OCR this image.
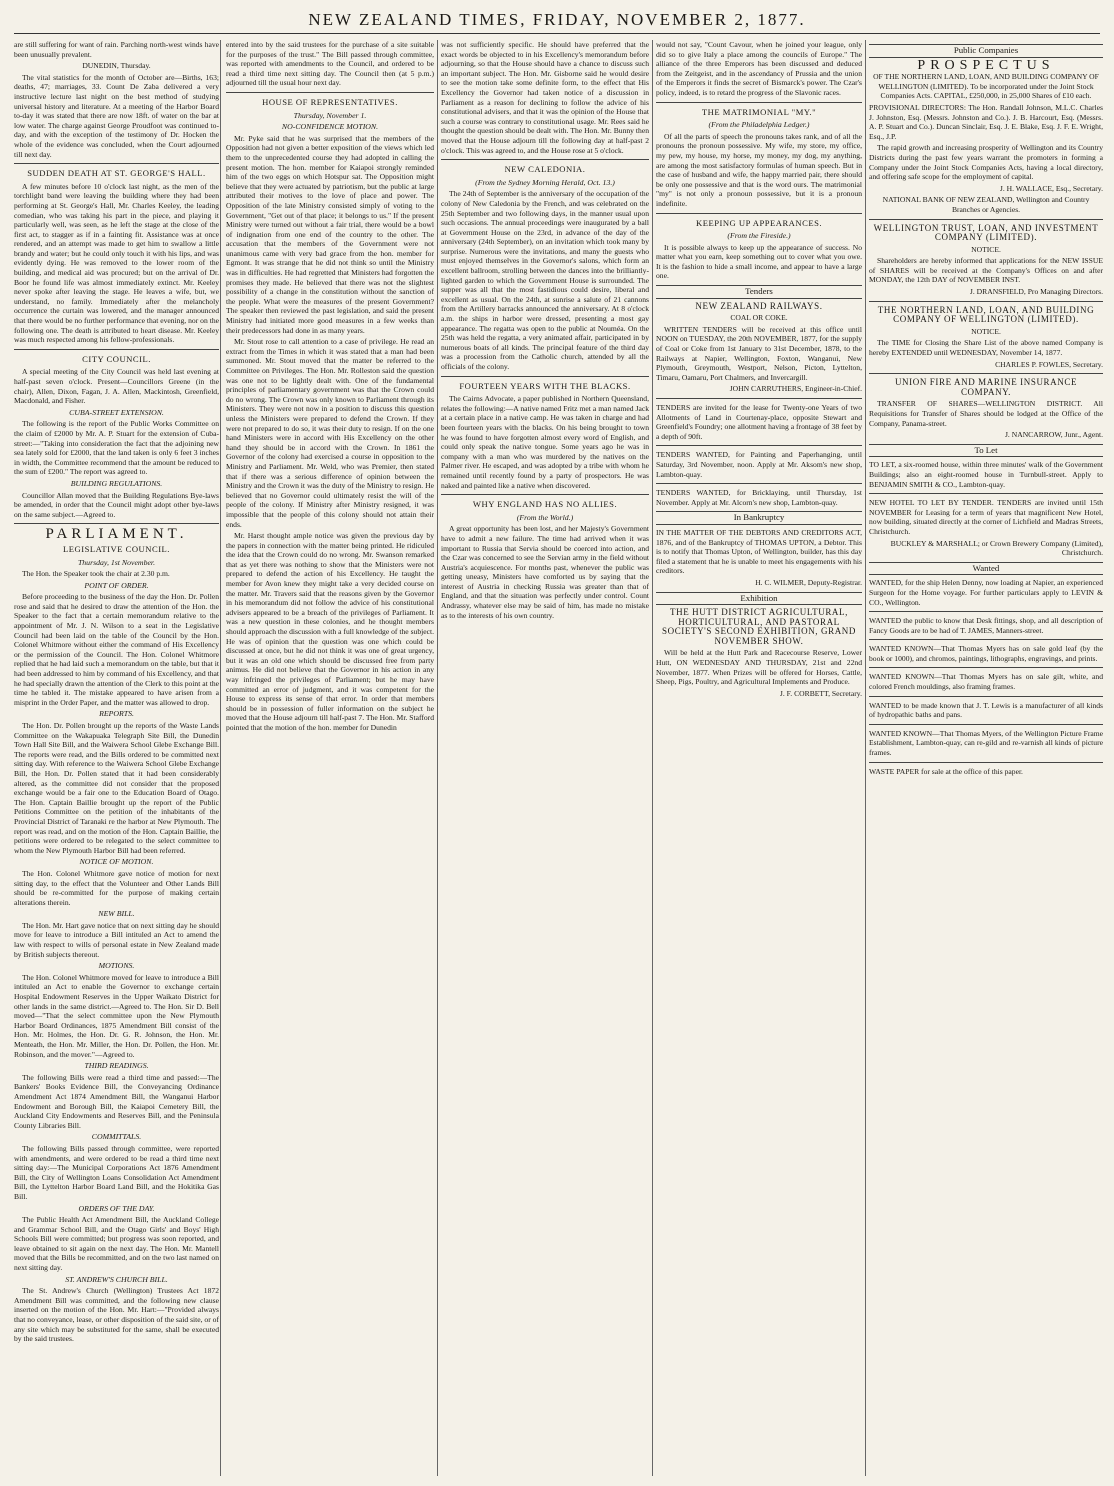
NEW ZEALAND TIMES, FRIDAY, NOVEMBER 2, 1877.

are still suffering for want of rain. Parching north-west winds have been unusually prevalent.

DUNEDIN, Thursday.

The vital statistics for the month of October are—Births, 163; deaths, 47; marriages, 33. Count De Zaba delivered a very instructive lecture last night on the best method of studying universal history and literature. At a meeting of the Harbor Board to-day it was stated that there are now 18ft. of water on the bar at low water. The charge against George Proudfoot was continued to-day, and with the exception of the testimony of Dr. Hocken the whole of the evidence was concluded, when the Court adjourned till next day.

SUDDEN DEATH AT ST. GEORGE'S HALL.

A few minutes before 10 o'clock last night, as the men of the torchlight band were leaving the building where they had been performing at St. George's Hall, Mr. Charles Keeley, the leading comedian, who was taking his part in the piece, and playing it particularly well, was seen, as he left the stage at the close of the first act, to stagger as if in a fainting fit. Assistance was at once rendered, and an attempt was made to get him to swallow a little brandy and water; but he could only touch it with his lips, and was evidently dying. He was removed to the lower room of the building, and medical aid was procured; but on the arrival of Dr. Boor he found life was almost immediately extinct. Mr. Keeley never spoke after leaving the stage. He leaves a wife, but, we understand, no family. Immediately after the melancholy occurrence the curtain was lowered, and the manager announced that there would be no further performance that evening, nor on the following one. The death is attributed to heart disease. Mr. Keeley was much respected among his fellow-professionals.

CITY COUNCIL.

A special meeting of the City Council was held last evening at half-past seven o'clock. Present—Councillors Greene (in the chair), Allen, Dixon, Fagan, J. A. Allen, Mackintosh, Greenfield, Macdonald, and Fisher.

CUBA-STREET EXTENSION.

The following is the report of the Public Works Committee on the claim of £2000 by Mr. A. P. Stuart for the extension of Cuba-street:—"Taking into consideration the fact that the adjoining new sea lately sold for £2000, that the land taken is only 6 feet 3 inches in width, the Committee recommend that the amount be reduced to the sum of £200." The report was agreed to.

BUILDING REGULATIONS.

Councillor Allan moved that the Building Regulations Bye-laws be amended, in order that the Council might adopt other bye-laws on the same subject.—Agreed to.

PARLIAMENT.
LEGISLATIVE COUNCIL.
Thursday, 1st November.

The Hon. the Speaker took the chair at 2.30 p.m.

POINT OF ORDER.

Before proceeding to the business of the day the Hon. Dr. Pollen rose and said that he desired to draw the attention of the Hon. the Speaker to the fact that a certain memorandum relative to the appointment of Mr. J. N. Wilson to a seat in the Legislative Council had been laid on the table of the Council by the Hon. Colonel Whitmore without either the command of His Excellency or the permission of the Council. The Hon. Colonel Whitmore replied that he had laid such a memorandum on the table, but that it had been addressed to him by command of his Excellency, and that he had specially drawn the attention of the Clerk to this point at the time he tabled it. The mistake appeared to have arisen from a misprint in the Order Paper, and the matter was allowed to drop.

REPORTS.

The Hon. Dr. Pollen brought up the reports of the Waste Lands Committee on the Wakapuaka Telegraph Site Bill, the Dunedin Town Hall Site Bill, and the Waiwera School Glebe Exchange Bill. The reports were read, and the Bills ordered to be committed next sitting day. With reference to the Waiwera School Glebe Exchange Bill, the Hon. Dr. Pollen stated that it had been considerably altered, as the committee did not consider that the proposed exchange would be a fair one to the Education Board of Otago. The Hon. Captain Baillie brought up the report of the Public Petitions Committee on the petition of the inhabitants of the Provincial District of Taranaki re the harbor at New Plymouth. The report was read, and on the motion of the Hon. Captain Baillie, the petitions were ordered to be relegated to the select committee to whom the New Plymouth Harbor Bill had been referred.

NOTICE OF MOTION.

The Hon. Colonel Whitmore gave notice of motion for next sitting day, to the effect that the Volunteer and Other Lands Bill should be re-committed for the purpose of making certain alterations therein.

NEW BILL.

The Hon. Mr. Hart gave notice that on next sitting day he should move for leave to introduce a Bill intituled an Act to amend the law with respect to wills of personal estate in New Zealand made by British subjects thereout.

MOTIONS.

The Hon. Colonel Whitmore moved for leave to introduce a Bill intituled an Act to enable the Governor to exchange certain Hospital Endowment Reserves in the Upper Waikato District for other lands in the same district.—Agreed to. The Hon. Sir D. Bell moved—"That the select committee upon the New Plymouth Harbor Board Ordinances, 1875 Amendment Bill consist of the Hon. Mr. Holmes, the Hon. Dr. G. R. Johnson, the Hon. Mr. Menteath, the Hon. Mr. Miller, the Hon. Dr. Pollen, the Hon. Mr. Robinson, and the mover."—Agreed to.

THIRD READINGS.

The following Bills were read a third time and passed:—The Bankers' Books Evidence Bill, the Conveyancing Ordinance Amendment Act 1874 Amendment Bill, the Wanganui Harbor Endowment and Borough Bill, the Kaiapoi Cemetery Bill, the Auckland City Endowments and Reserves Bill, and the Peninsula County Libraries Bill.

COMMITTALS.

The following Bills passed through committee, were reported with amendments, and were ordered to be read a third time next sitting day:—The Municipal Corporations Act 1876 Amendment Bill, the City of Wellington Loans Consolidation Act Amendment Bill, the Lyttelton Harbor Board Land Bill, and the Hokitika Gas Bill.

ORDERS OF THE DAY.

The Public Health Act Amendment Bill, the Auckland College and Grammar School Bill, and the Otago Girls' and Boys' High Schools Bill were committed; but progress was soon reported, and leave obtained to sit again on the next day. The Hon. Mr. Mantell moved that the Bills be recommitted, and on the two last named on next sitting day.

ST. ANDREW'S CHURCH BILL.

The St. Andrew's Church (Wellington) Trustees Act 1872 Amendment Bill was committed, and the following new clause inserted on the motion of the Hon. Mr. Hart:—"Provided always that no conveyance, lease, or other disposition of the said site, or of any site which may be substituted for the same, shall be executed by the said trustees.

entered into by the said trustees for the purchase of a site suitable for the purposes of the trust." The Bill passed through committee, was reported with amendments to the Council, and ordered to be read a third time next sitting day. The Council then (at 5 p.m.) adjourned till the usual hour next day.

HOUSE OF REPRESENTATIVES.
Thursday, November 1.
NO-CONFIDENCE MOTION.

Mr. Pyke said that he was surprised that the members of the Opposition had not given a better exposition of the views which led them to the unprecedented course they had adopted in calling the present motion. The hon. member for Kaiapoi strongly reminded him of the two eggs on which Hotspur sat. The Opposition might believe that they were actuated by patriotism, but the public at large attributed their motives to the love of place and power. The Opposition of the late Ministry consisted simply of voting to the Government, "Get out of that place; it belongs to us." If the present Ministry were turned out without a fair trial, there would be a bowl of indignation from one end of the country to the other. The accusation that the members of the Government were not unanimous came with very bad grace from the hon. member for Egmont. It was strange that he did not think so until the Ministry was in difficulties. He had regretted that Ministers had forgotten the promises they made. He believed that there was not the slightest possibility of a change in the constitution without the sanction of the people. What were the measures of the present Government? The speaker then reviewed the past legislation, and said the present Ministry had initiated more good measures in a few weeks than their predecessors had done in as many years.

Mr. Stout rose to call attention to a case of privilege. He read an extract from the Times in which it was stated that a man had been summoned. Mr. Stout moved that the matter be referred to the Committee on Privileges. The Hon. Mr. Rolleston said the question was one not to be lightly dealt with. One of the fundamental principles of parliamentary government was that the Crown could do no wrong. The Crown was only known to Parliament through its Ministers. They were not now in a position to discuss this question unless the Ministers were prepared to defend the Crown. If they were not prepared to do so, it was their duty to resign. If on the one hand Ministers were in accord with His Excellency on the other hand they should be in accord with the Crown. In 1861 the Governor of the colony had exercised a course in opposition to the Ministry and Parliament. Mr. Weld, who was Premier, then stated that if there was a serious difference of opinion between the Ministry and the Crown it was the duty of the Ministry to resign. He believed that no Governor could ultimately resist the will of the people of the colony. If Ministry after Ministry resigned, it was impossible that the people of this colony should not attain their ends.

Mr. Harst thought ample notice was given the previous day by the papers in connection with the matter being printed. He ridiculed the idea that the Crown could do no wrong. Mr. Swanson remarked that as yet there was nothing to show that the Ministers were not prepared to defend the action of his Excellency. He taught the member for Avon knew they might take a very decided course on the matter. Mr. Travers said that the reasons given by the Governor in his memorandum did not follow the advice of his constitutional advisers appeared to be a breach of the privileges of Parliament. It was a new question in these colonies, and he thought members should approach the discussion with a full knowledge of the subject. He was of opinion that the question was one which could be discussed at once, but he did not think it was one of great urgency, but it was an old one which should be discussed free from party animus. He did not believe that the Governor in his action in any way infringed the privileges of Parliament; but he may have committed an error of judgment, and it was competent for the House to express its sense of that error. In order that members should be in possession of fuller information on the subject he moved that the House adjourn till half-past 7. The Hon. Mr. Stafford pointed that the motion of the hon. member for Dunedin

was not sufficiently specific. He should have preferred that the exact words be objected to in his Excellency's memorandum before adjourning, so that the House should have a chance to discuss such an important subject. The Hon. Mr. Gisborne said he would desire to see the motion take some definite form, to the effect that His Excellency the Governor had taken notice of a discussion in Parliament as a reason for declining to follow the advice of his constitutional advisers, and that it was the opinion of the House that such a course was contrary to constitutional usage. Mr. Rees said he thought the question should be dealt with. The Hon. Mr. Bunny then moved that the House adjourn till the following day at half-past 2 o'clock. This was agreed to, and the House rose at 5 o'clock.

NEW CALEDONIA.
(From the Sydney Morning Herald, Oct. 13.)

The 24th of September is the anniversary of the occupation of the colony of New Caledonia by the French, and was celebrated on the 25th September and two following days, in the manner usual upon such occasions. The annual proceedings were inaugurated by a ball at Government House on the 23rd, in advance of the day of the anniversary (24th September), on an invitation which took many by surprise. Numerous were the invitations, and many the guests who must enjoyed themselves in the Governor's salons, which form an excellent ballroom, strolling between the dances into the brilliantly-lighted garden to which the Government House is surrounded. The supper was all that the most fastidious could desire, liberal and excellent as usual. On the 24th, at sunrise a salute of 21 cannons from the Artillery barracks announced the anniversary. At 8 o'clock a.m. the ships in harbor were dressed, presenting a most gay appearance. The regatta was open to the public at Nouméa. On the 25th was held the regatta, a very animated affair, participated in by numerous boats of all kinds. The principal feature of the third day was a procession from the Catholic church, attended by all the officials of the colony.

FOURTEEN YEARS WITH THE BLACKS.

The Cairns Advocate, a paper published in Northern Queensland, relates the following:—A native named Fritz met a man named Jack at a certain place in a native camp. He was taken in charge and had been fourteen years with the blacks. On his being brought to town he was found to have forgotten almost every word of English, and could only speak the native tongue. Some years ago he was in company with a man who was murdered by the natives on the Palmer river. He escaped, and was adopted by a tribe with whom he remained until recently found by a party of prospectors. He was naked and painted like a native when discovered.

WHY ENGLAND HAS NO ALLIES.
(From the World.)

A great opportunity has been lost, and her Majesty's Government have to admit a new failure. The time had arrived when it was important to Russia that Servia should be coerced into action, and the Czar was concerned to see the Servian army in the field without Austria's acquiescence. For months past, whenever the public was getting uneasy, Ministers have comforted us by saying that the interest of Austria in checking Russia was greater than that of England, and that the situation was perfectly under control. Count Andrassy, whatever else may be said of him, has made no mistake as to the interests of his own country.

would not say, "Count Cavour, when he joined your league, only did so to give Italy a place among the councils of Europe." The alliance of the three Emperors has been discussed and deduced from the Zeitgeist, and in the ascendancy of Prussia and the union of the Emperors it finds the secret of Bismarck's power. The Czar's policy, indeed, is to retard the progress of the Slavonic races.

THE MATRIMONIAL "MY."
(From the Philadelphia Ledger.)

Of all the parts of speech the pronouns takes rank, and of all the pronouns the pronoun possessive. My wife, my store, my office, my pew, my house, my horse, my money, my dog, my anything, are among the most satisfactory formulas of human speech. But in the case of husband and wife, the happy married pair, there should be only one possessive and that is the word ours. The matrimonial "my" is not only a pronoun possessive, but it is a pronoun indefinite.

KEEPING UP APPEARANCES.
(From the Fireside.)

It is possible always to keep up the appearance of success. No matter what you earn, keep something out to cover what you owe. It is the fashion to hide a small income, and appear to have a large one.

Tenders

NEW ZEALAND RAILWAYS.

COAL OR COKE.

WRITTEN TENDERS will be received at this office until NOON on TUESDAY, the 20th NOVEMBER, 1877, for the supply of Coal or Coke from 1st January to 31st December, 1878, to the Railways at Napier, Wellington, Foxton, Wanganui, New Plymouth, Greymouth, Westport, Nelson, Picton, Lyttelton, Timaru, Oamaru, Port Chalmers, and Invercargill.

JOHN CARRUTHERS, Engineer-in-Chief.

TENDERS are invited for the lease for Twenty-one Years of two Allotments of Land in Courtenay-place, opposite Stewart and Greenfield's Foundry; one allotment having a frontage of 38 feet by a depth of 90ft.

TENDERS WANTED, for Painting and Paperhanging, until Saturday, 3rd November, noon. Apply at Mr. Aksom's new shop, Lambton-quay.

TENDERS WANTED, for Bricklaying, until Thursday, 1st November. Apply at Mr. Alcorn's new shop, Lambton-quay.

In Bankruptcy

IN THE MATTER OF THE DEBTORS AND CREDITORS ACT, 1876, and of the Bankruptcy of THOMAS UPTON, a Debtor. This is to notify that Thomas Upton, of Wellington, builder, has this day filed a statement that he is unable to meet his engagements with his creditors.

H. C. WILMER, Deputy-Registrar.

Exhibition

THE HUTT DISTRICT AGRICULTURAL, HORTICULTURAL, AND PASTORAL SOCIETY'S SECOND EXHIBITION, GRAND NOVEMBER SHOW.

Will be held at the Hutt Park and Racecourse Reserve, Lower Hutt, ON WEDNESDAY AND THURSDAY, 21st and 22nd November, 1877. When Prizes will be offered for Horses, Cattle, Sheep, Pigs, Poultry, and Agricultural Implements and Produce.

J. F. CORBETT, Secretary.

Public Companies
PROSPECTUS

OF THE NORTHERN LAND, LOAN, AND BUILDING COMPANY OF WELLINGTON (LIMITED). To be incorporated under the Joint Stock Companies Acts. CAPITAL, £250,000, in 25,000 Shares of £10 each.

PROVISIONAL DIRECTORS: The Hon. Randall Johnson, M.L.C. Charles J. Johnston, Esq. (Messrs. Johnston and Co.). J. B. Harcourt, Esq. (Messrs. A. P. Stuart and Co.). Duncan Sinclair, Esq. J. E. Blake, Esq. J. F. E. Wright, Esq., J.P.

The rapid growth and increasing prosperity of Wellington and its Country Districts during the past few years warrant the promoters in forming a Company under the Joint Stock Companies Acts, having a local directory, and offering safe scope for the employment of capital.

J. H. WALLACE, Esq., Secretary.

NATIONAL BANK OF NEW ZEALAND, Wellington and Country Branches or Agencies.

WELLINGTON TRUST, LOAN, AND INVESTMENT COMPANY (LIMITED).

NOTICE.

Shareholders are hereby informed that applications for the NEW ISSUE of SHARES will be received at the Company's Offices on and after MONDAY, the 12th DAY of NOVEMBER INST.

J. DRANSFIELD, Pro Managing Directors.

THE NORTHERN LAND, LOAN, AND BUILDING COMPANY OF WELLINGTON (LIMITED).

NOTICE.

The TIME for Closing the Share List of the above named Company is hereby EXTENDED until WEDNESDAY, November 14, 1877.

CHARLES P. FOWLES, Secretary.

UNION FIRE AND MARINE INSURANCE COMPANY.

TRANSFER OF SHARES—WELLINGTON DISTRICT. All Requisitions for Transfer of Shares should be lodged at the Office of the Company, Panama-street.

J. NANCARROW, Junr., Agent.

To Let

TO LET, a six-roomed house, within three minutes' walk of the Government Buildings; also an eight-roomed house in Turnbull-street. Apply to BENJAMIN SMITH & CO., Lambton-quay.

NEW HOTEL TO LET BY TENDER. TENDERS are invited until 15th NOVEMBER for Leasing for a term of years that magnificent New Hotel, now building, situated directly at the corner of Lichfield and Madras Streets, Christchurch.

BUCKLEY & MARSHALL; or Crown Brewery Company (Limited), Christchurch.

Wanted

WANTED, for the ship Helen Denny, now loading at Napier, an experienced Surgeon for the Home voyage. For further particulars apply to LEVIN & CO., Wellington.

WANTED the public to know that Desk fittings, shop, and all description of Fancy Goods are to be had of T. JAMES, Manners-street.

WANTED KNOWN—That Thomas Myers has on sale gold leaf (by the book or 1000), and chromos, paintings, lithographs, engravings, and prints.

WANTED KNOWN—That Thomas Myers has on sale gilt, white, and colored French mouldings, also framing frames.

WANTED to be made known that J. T. Lewis is a manufacturer of all kinds of hydropathic baths and pans.

WANTED KNOWN—That Thomas Myers, of the Wellington Picture Frame Establishment, Lambton-quay, can re-gild and re-varnish all kinds of picture frames.

WASTE PAPER for sale at the office of this paper.
